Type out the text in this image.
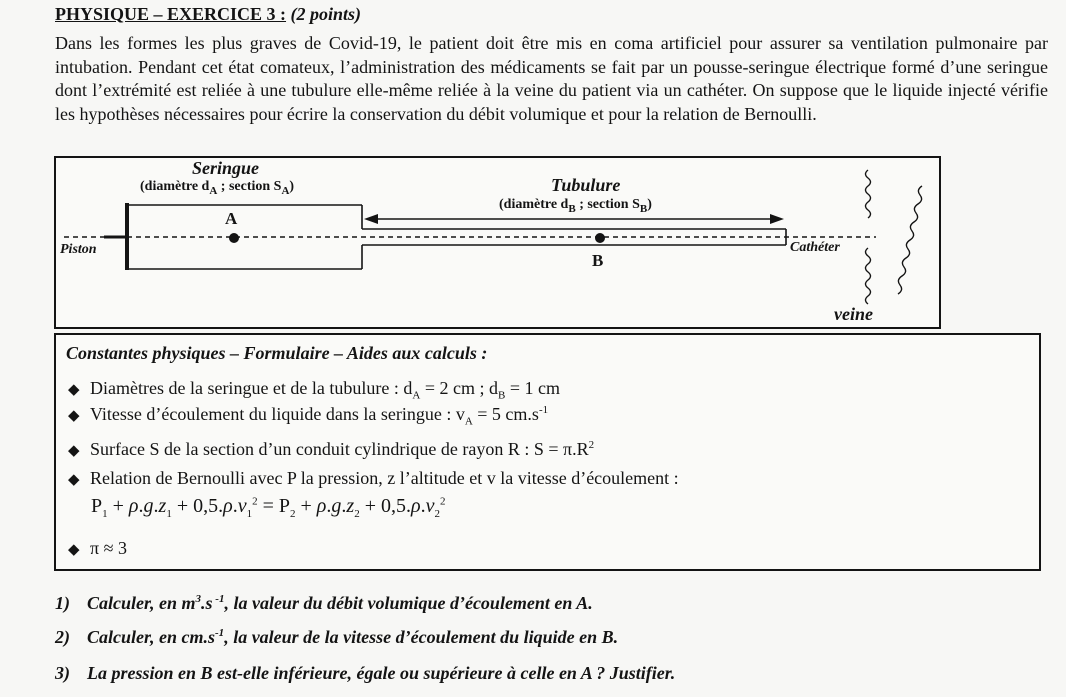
PHYSIQUE – EXERCICE 3 : (2 points)
Dans les formes les plus graves de Covid-19, le patient doit être mis en coma artificiel pour assurer sa ventilation pulmonaire par intubation. Pendant cet état comateux, l’administration des médicaments se fait par un pousse-seringue électrique formé d’une seringue dont l’extrémité est reliée à une tubulure elle-même reliée à la veine du patient via un cathéter. On suppose que le liquide injecté vérifie les hypothèses nécessaires pour écrire la conservation du débit volumique et pour la relation de Bernoulli.
Seringue
(diamètre $d_A$ ; section $S_A$)	Tubulure
(diamètre $d_B$ ; section $S_B$)
A
B
Piston	Cathéter
veine
Constantes physiques – Formulaire – Aides aux calculs :
◆ Diamètres de la seringue et de la tubulure : $d_A = 2$ cm ; $d_B = 1$ cm
◆ Vitesse d’écoulement du liquide dans la seringue : $v_A = 5$ $cm.s^{-1}$
◆ Surface S de la section d’un conduit cylindrique de rayon R : $S = \pi.R^2$
◆ Relation de Bernoulli avec P la pression, z l’altitude et v la vitesse d’écoulement :
$P_1 + \rho.g.z_1 + 0,5.\rho.v_1^2 = P_2 + \rho.g.z_2 + 0,5.\rho.v_2^2$
◆ π ≈ 3
1) Calculer, en $m^3.s$ $^{-1}$, la valeur du débit volumique d’écoulement en A.
2) Calculer, en $cm.s^{-1}$, la valeur de la vitesse d’écoulement du liquide en B.
3) La pression en B est-elle inférieure, égale ou supérieure à celle en A ? Justifier.
